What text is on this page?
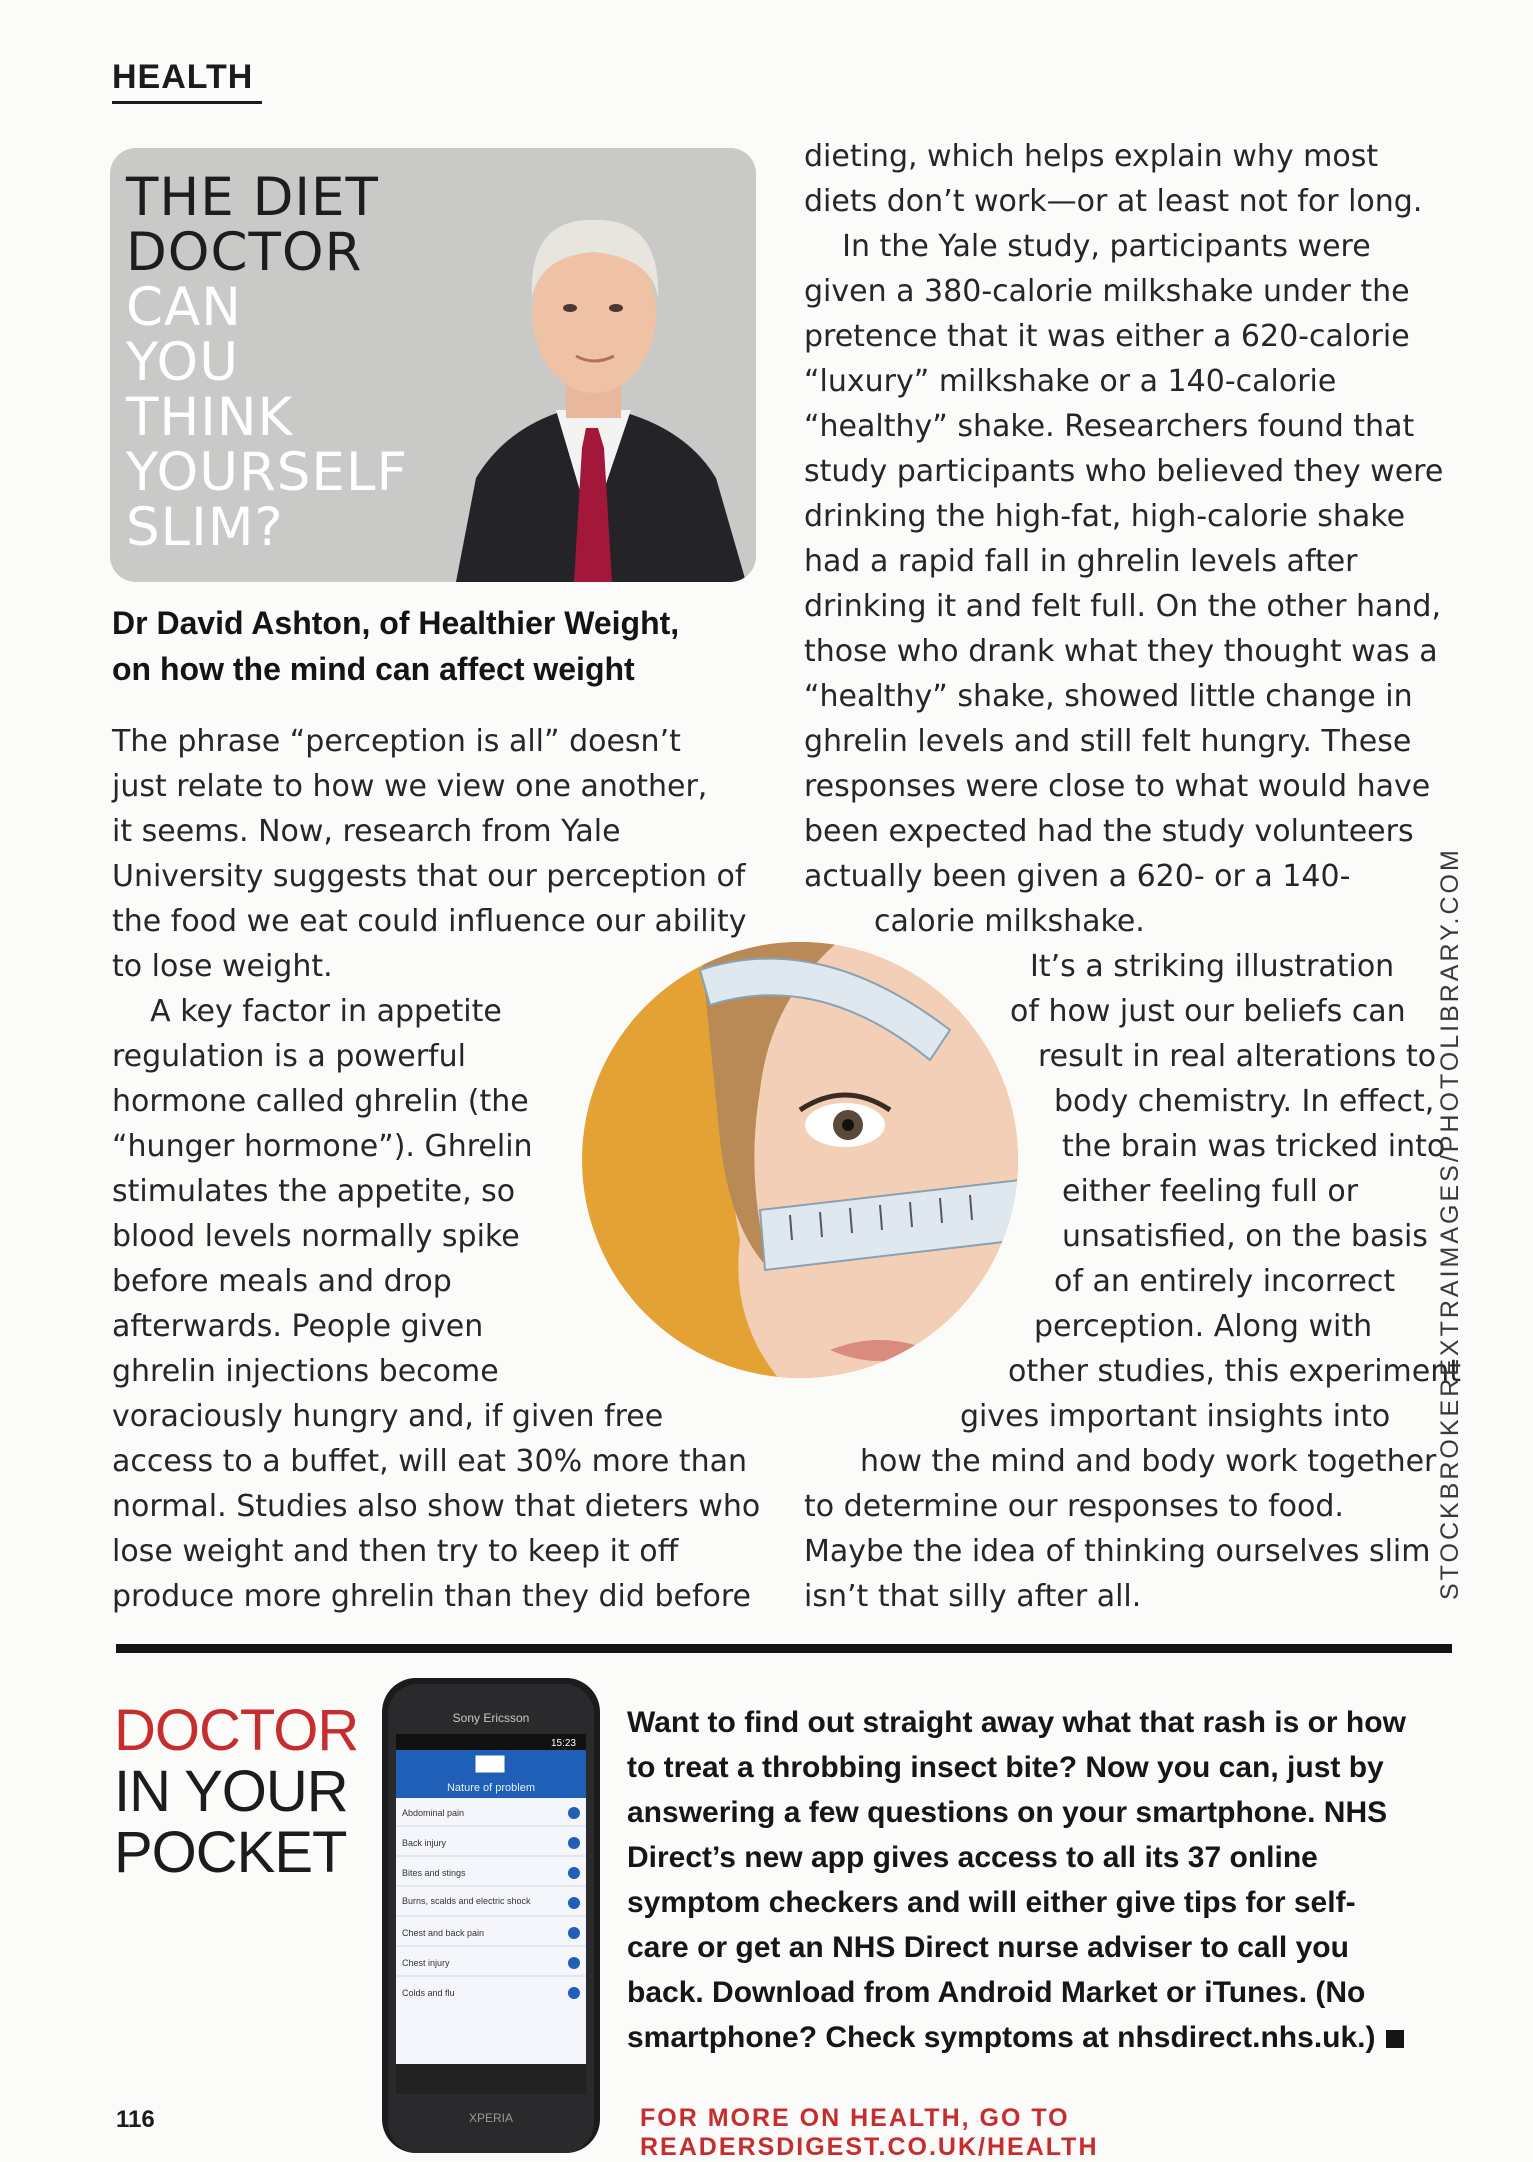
HEALTH
THE DIET
DOCTOR
CAN
YOU
THINK
YOURSELF
SLIM?
Dr David Ashton, of Healthier Weight,
on how the mind can affect weight
The phrase “perception is all” doesn’t
just relate to how we view one another,
it seems. Now, research from Yale
University suggests that our perception of
the food we eat could influence our ability
to lose weight.
A key factor in appetite
regulation is a powerful
hormone called ghrelin (the
“hunger hormone”). Ghrelin
stimulates the appetite, so
blood levels normally spike
before meals and drop
afterwards. People given
ghrelin injections become
voraciously hungry and, if given free
access to a buffet, will eat 30% more than
normal. Studies also show that dieters who
lose weight and then try to keep it off
produce more ghrelin than they did before
dieting, which helps explain why most
diets don’t work—or at least not for long.
In the Yale study, participants were
given a 380-calorie milkshake under the
pretence that it was either a 620-calorie
“luxury” milkshake or a 140-calorie
“healthy” shake. Researchers found that
study participants who believed they were
drinking the high-fat, high-calorie shake
had a rapid fall in ghrelin levels after
drinking it and felt full. On the other hand,
those who drank what they thought was a
“healthy” shake, showed little change in
ghrelin levels and still felt hungry. These
responses were close to what would have
been expected had the study volunteers
actually been given a 620- or a 140-
calorie milkshake.
It’s a striking illustration
of how just our beliefs can
result in real alterations to
body chemistry. In effect,
the brain was tricked into
either feeling full or
unsatisfied, on the basis
of an entirely incorrect
perception. Along with
other studies, this experiment
gives important insights into
how the mind and body work together
to determine our responses to food.
Maybe the idea of thinking ourselves slim
isn’t that silly after all.	STOCKBROKEREXTRAIMAGES/PHOTOLIBRARY.COM
DOCTOR
IN YOUR
POCKET
Sony Ericsson
15:23
Nature of problem
Abdominal pain
Back injury
Bites and stings
Burns, scalds and electric shock
Chest and back pain
Chest injury
Colds and flu
XPERIA
Want to find out straight away what that rash is or how
to treat a throbbing insect bite? Now you can, just by
answering a few questions on your smartphone. NHS
Direct’s new app gives access to all its 37 online
symptom checkers and will either give tips for self-
care or get an NHS Direct nurse adviser to call you
back. Download from Android Market or iTunes. (No
smartphone? Check symptoms at nhsdirect.nhs.uk.)
116	FOR MORE ON HEALTH, GO TO READERSDIGEST.CO.UK/HEALTH
